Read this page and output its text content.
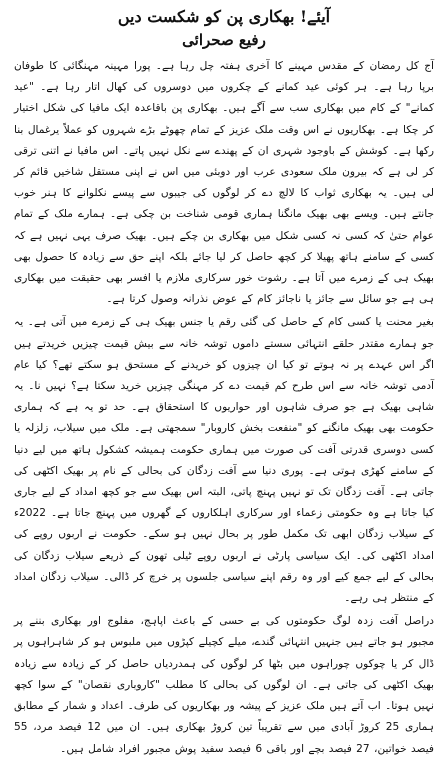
آیئے! بھکاری پن کو شکست دیں
رفیع صحرائی

آج کل رمضان کے مقدس مہینے کا آخری ہفتہ چل رہا ہے۔ پورا مہینہ مہنگائی کا طوفان برپا رہا ہے۔ ہر کوئی عید کمانے کے چکروں میں دوسروں کی کھال اتار رہا ہے۔ "عید کمانے" کے کام میں بھکاری سب سے آگے ہیں۔ بھکاری پن باقاعدہ ایک مافیا کی شکل اختیار کر چکا ہے۔ بھکاریوں نے اس وقت ملک عزیز کے تمام چھوٹے بڑے شہروں کو عملاً یرغمال بنا رکھا ہے۔ کوشش کے باوجود شہری ان کے پھندے سے نکل نہیں پاتے۔ اس مافیا نے اتنی ترقی کر لی ہے کہ بیرون ملک سعودی عرب اور دوبئی میں اس نے اپنی مستقل شاخیں قائم کر لی ہیں۔ یہ بھکاری ثواب کا لالچ دے کر لوگوں کی جیبوں سے پیسے نکلوانے کا ہنر خوب جانتے ہیں۔ ویسے بھی بھیک مانگنا ہماری قومی شناخت بن چکی ہے۔ ہمارے ملک کے تمام عوام حتیٰ کہ کسی نہ کسی شکل میں بھکاری بن چکے ہیں۔ بھیک صرف یہی نہیں ہے کہ کسی کے سامنے ہاتھ پھیلا کر کچھ حاصل کر لیا جائے بلکہ اپنے حق سے زیادہ کا حصول بھی بھیک ہی کے زمرے میں آتا ہے۔ رشوت خور سرکاری ملازم یا افسر بھی حقیقت میں بھکاری ہی ہے جو سائل سے جائز یا ناجائز کام کے عوض نذرانہ وصول کرتا ہے۔

بغیر محنت یا کسی کام کے حاصل کی گئی رقم یا جنس بھیک ہی کے زمرے میں آتی ہے۔ یہ جو ہمارے مقتدر حلقے انتہائی سستے داموں توشہ خانہ سے بیش قیمت چیزیں خریدتے ہیں اگر اس عہدے پر نہ ہوتے تو کیا ان چیزوں کو خریدنے کے مستحق ہو سکتے تھے؟ کیا عام آدمی توشہ خانہ سے اس طرح کم قیمت دے کر مہنگی چیزیں خرید سکتا ہے؟ نہیں نا۔ یہ شاہی بھیک ہے جو صرف شاہوں اور حواریوں کا استحقاق ہے۔ حد تو یہ ہے کہ ہماری حکومت بھی بھیک مانگنے کو "منفعت بخش کاروبار" سمجھتی ہے۔ ملک میں سیلاب، زلزلہ یا کسی دوسری قدرتی آفت کی صورت میں ہماری حکومت ہمیشہ کشکول ہاتھ میں لیے دنیا کے سامنے کھڑی ہوتی ہے۔ پوری دنیا سے آفت زدگان کی بحالی کے نام پر بھیک اکٹھی کی جاتی ہے۔ آفت زدگان تک تو نہیں پہنچ پاتی، البتہ اس بھیک سے جو کچھ امداد کے لیے جاری کیا جاتا ہے وہ حکومتی زعماء اور سرکاری اہلکاروں کے گھروں میں پہنچ جاتا ہے۔ 2022ء کے سیلاب زدگان ابھی تک مکمل طور پر بحال نہیں ہو سکے۔ حکومت نے اربوں روپے کی امداد اکٹھی کی۔ ایک سیاسی پارٹی نے اربوں روپے ٹیلی تھون کے ذریعے سیلاب زدگان کی بحالی کے لیے جمع کیے اور وہ رقم اپنے سیاسی جلسوں پر خرچ کر ڈالی۔ سیلاب زدگان امداد کے منتظر ہی رہے۔

دراصل آفت زدہ لوگ حکومتوں کی بے حسی کے باعث اپاہج، مفلوج اور بھکاری بننے پر مجبور ہو جاتے ہیں جنہیں انتہائی گندے، میلے کچیلے کپڑوں میں ملبوس ہو کر شاہراہوں پر ڈال کر یا چوکوں چوراہوں میں بٹھا کر لوگوں کی ہمدردیاں حاصل کر کے زیادہ سے زیادہ بھیک اکٹھی کی جاتی ہے۔ ان لوگوں کی بحالی کا مطلب "کاروباری نقصان" کے سوا کچھ نہیں ہوتا۔ اب آتے ہیں ملک عزیز کے پیشہ ور بھکاریوں کی طرف۔ اعداد و شمار کے مطابق ہماری 25 کروڑ آبادی میں سے تقریباً تین کروڑ بھکاری ہیں۔ ان میں 12 فیصد مرد، 55 فیصد خواتین، 27 فیصد بچے اور باقی 6 فیصد سفید پوش مجبور افراد شامل ہیں۔
